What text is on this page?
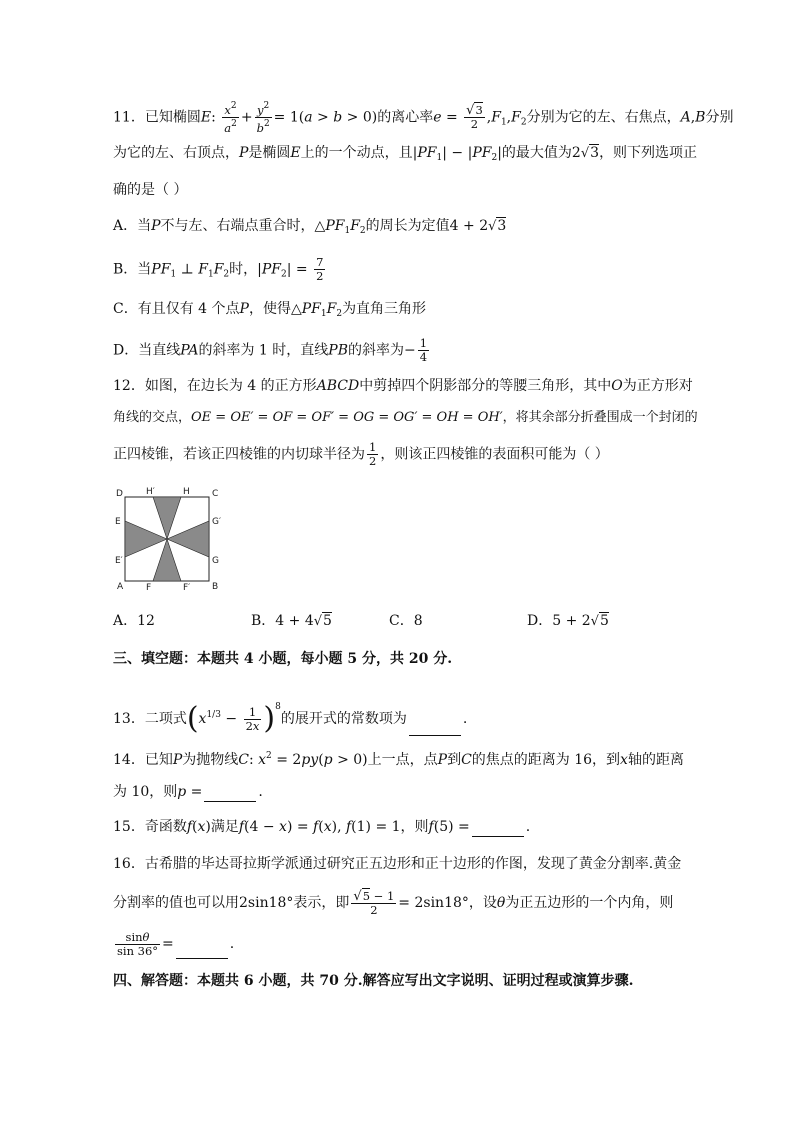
11．已知椭圆E: $\frac{x^2}{a^2} + \frac{y^2}{b^2} = 1(a > b > 0)$的离心率$e = \frac{√3}{2} ,F_1,F_2$分别为它的左、右焦点，A,B分别
为它的左、右顶点，P是椭圆E上的一个动点，且$|PF_1| - |PF_2|$的最大值为2√3，则下列选项正
确的是（ ）
A．当P不与左、右端点重合时，$\triangle PF_1F_2$的周长为定值4 + 2√3
B．当$PF_1$ ⊥ $F_1F_2$时，$|PF_2| = \frac{7}{2}$
C．有且仅有 4 个点P，使得$\triangle PF_1F_2$为直角三角形
D．当直线PA的斜率为 1 时，直线PB的斜率为− $\frac{1}{4}$
12．如图，在边长为 4 的正方形ABCD中剪掉四个阴影部分的等腰三角形，其中O为正方形对
角线的交点，OE = OE′ = OF = OF′ = OG = OG′ = OH = OH′，将其余部分折叠围成一个封闭的
正四棱锥，若该正四棱锥的内切球半径为 $\frac{1}{2}$ ，则该正四棱锥的表面积可能为（ ）
D	H′	H C
E	G′
E′	G
A	F	F′ B
A．12	B．4 + 4√5	C．8	D．5 + 2√5
三、填空题：本题共 4 小题，每小题 5 分，共 20 分.
13．二项式$(x^{1/3} - \frac{1}{2x} )^8$的展开式的常数项为	.
14．已知P为抛物线C: $x^2 = 2py(p > 0)$上一点，点P到C的焦点的距离为 16，到x轴的距离
为 10，则p =	.
15．奇函数f(x)满足f(4 − x) = f(x), f(1) = 1，则f(5) =	.
16．古希腊的毕达哥拉斯学派通过研究正五边形和正十边形的作图，发现了黄金分割率.黄金
分割率的值也可以用2sin18°表示，即 $\frac{√5 - 1}{2} = 2\sin 18^\circ$，设θ为正五边形的一个内角，则
$\frac{\sin\theta}{\sin 36^\circ}$ =	.
四、解答题：本题共 6 小题，共 70 分.解答应写出文字说明、证明过程或演算步骤.
